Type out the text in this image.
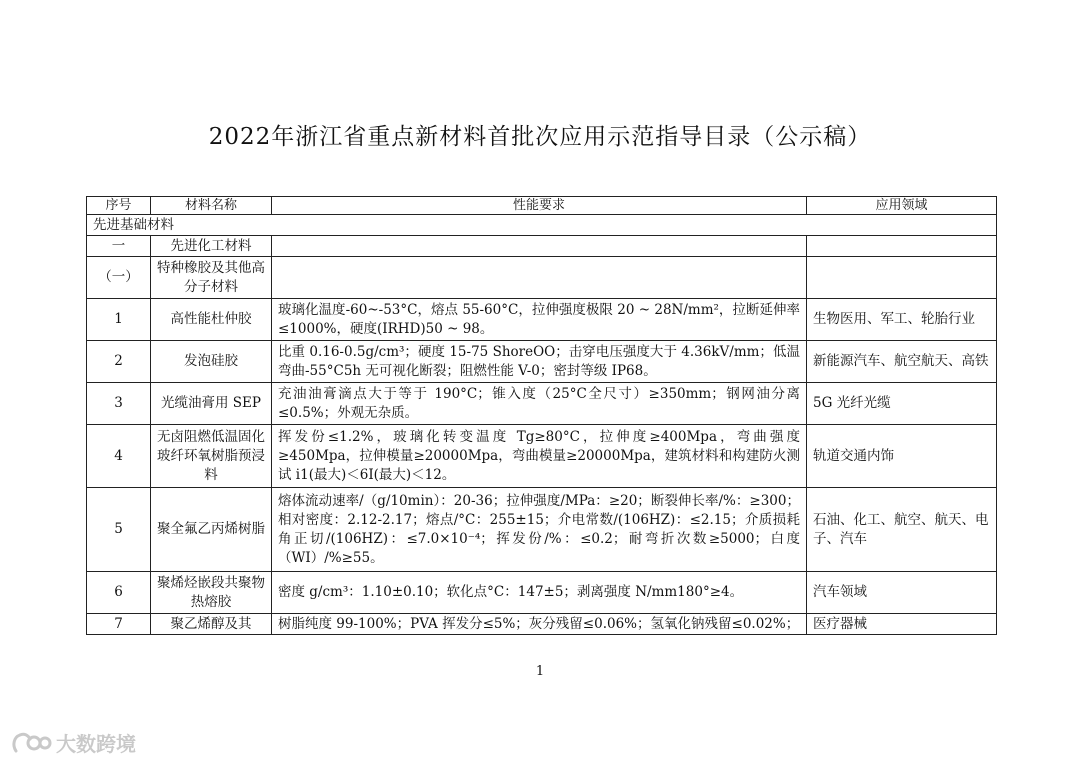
2022年浙江省重点新材料首批次应用示范指导目录（公示稿）
序号	材料名称	性能要求	应用领域
先进基础材料			
一	先进化工材料		
（一）	特种橡胶及其他高分子材料		
1	高性能杜仲胶	玻璃化温度-60~-53°C，熔点 55-60°C，拉伸强度极限 20 ~ 28N/mm²，拉断延伸率≤1000%，硬度(IRHD)50 ~ 98。	生物医用、军工、轮胎行业
2	发泡硅胶	比重 0.16-0.5g/cm³；硬度 15-75 ShoreOO；击穿电压强度大于 4.36kV/mm；低温弯曲-55°C5h 无可视化断裂；阻燃性能 V-0；密封等级 IP68。	新能源汽车、航空航天、高铁
3	光缆油膏用 SEP	充油油膏滴点大于等于 190°C；锥入度（25°C全尺寸）≥350mm；钢网油分离≤0.5%；外观无杂质。	5G 光纤光缆
4	无卤阻燃低温固化玻纤环氧树脂预浸料	挥发份≤1.2%，玻璃化转变温度 Tg≥80°C，拉伸度≥400Mpa，弯曲强度≥450Mpa，拉伸模量≥20000Mpa，弯曲模量≥20000Mpa，建筑材料和构建防火测试 i1(最大)＜6I(最大)＜12。	轨道交通内饰
5	聚全氟乙丙烯树脂	熔体流动速率/（g/10min）：20-36；拉伸强度/MPa：≥20；断裂伸长率/%：≥300；相对密度：2.12-2.17；熔点/°C：255±15；介电常数/(106HZ)：≤2.15；介质损耗角正切/(106HZ)：≤7.0×10⁻⁴；挥发份/%：≤0.2；耐弯折次数≥5000；白度（WI）/%≥55。	石油、化工、航空、航天、电子、汽车
6	聚烯烃嵌段共聚物热熔胶	密度 g/cm³：1.10±0.10；软化点°C：147±5；剥离强度 N/mm180°≥4。	汽车领域
7	聚乙烯醇及其	树脂纯度 99-100%；PVA 挥发分≤5%；灰分残留≤0.06%；氢氧化钠残留≤0.02%；	医疗器械
1
大数跨境
